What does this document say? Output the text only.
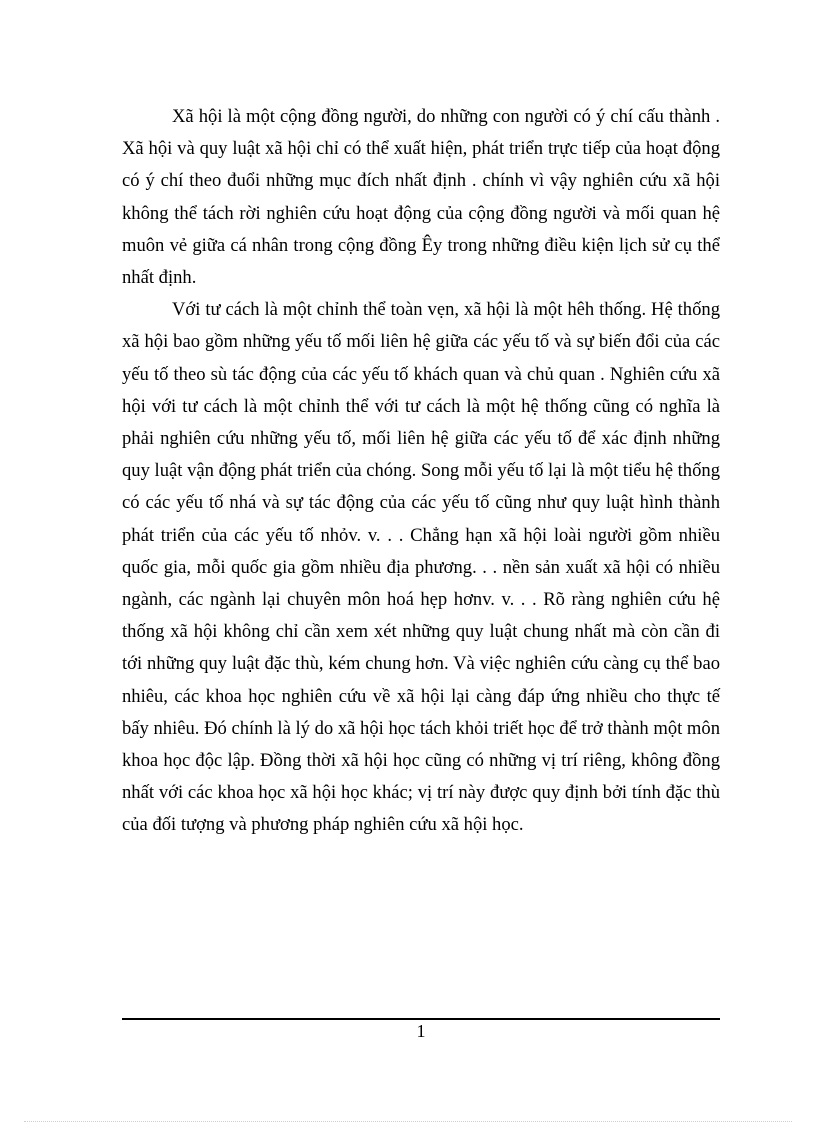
Xã hội là một cộng đồng người, do những con người có ý chí cấu thành . Xã hội và quy luật xã hội chỉ có thể xuất hiện, phát triển trực tiếp của hoạt động có ý chí theo đuổi những mục đích nhất định . chính vì vậy nghiên cứu xã hội không thể tách rời nghiên cứu hoạt động của cộng đồng người và mối quan hệ muôn vẻ giữa cá nhân trong cộng đồng Êy trong những điều kiện lịch sử cụ thể nhất định.

Với tư cách là một chỉnh thể toàn vẹn, xã hội là một hêh thống. Hệ thống xã hội bao gồm những yếu tố mối liên hệ giữa các yếu tố và sự biến đổi của các yếu tố theo sù tác động của các yếu tố khách quan và chủ quan . Nghiên cứu xã hội với tư cách là một chỉnh thể với tư cách là một hệ thống cũng có nghĩa là phải nghiên cứu những yếu tố, mối liên hệ giữa các yếu tố để xác định những quy luật vận động phát triển của chóng. Song mỗi yếu tố lại là một tiểu hệ thống có các yếu tố nhá và sự tác động của các yếu tố cũng như quy luật hình thành phát triển của các yếu tố nhỏv. v. . . Chẳng hạn xã hội loài người gồm nhiều quốc gia, mỗi quốc gia gồm nhiều địa phương. . . nền sản xuất xã hội có nhiều ngành, các ngành lại chuyên môn hoá hẹp hơnv. v. . . Rõ ràng nghiên cứu hệ thống xã hội không chỉ cần xem xét những quy luật chung nhất mà còn cần đi tới những quy luật đặc thù, kém chung hơn. Và việc nghiên cứu càng cụ thể bao nhiêu, các khoa học nghiên cứu về xã hội lại càng đáp ứng nhiều cho thực tế bấy nhiêu. Đó chính là lý do xã hội học tách khỏi triết học để trở thành một môn khoa học độc lập. Đồng thời xã hội học cũng có những vị trí riêng, không đồng nhất với các khoa học xã hội học khác; vị trí này được quy định bởi tính đặc thù của đối tượng và phương pháp nghiên cứu xã hội học.

1
